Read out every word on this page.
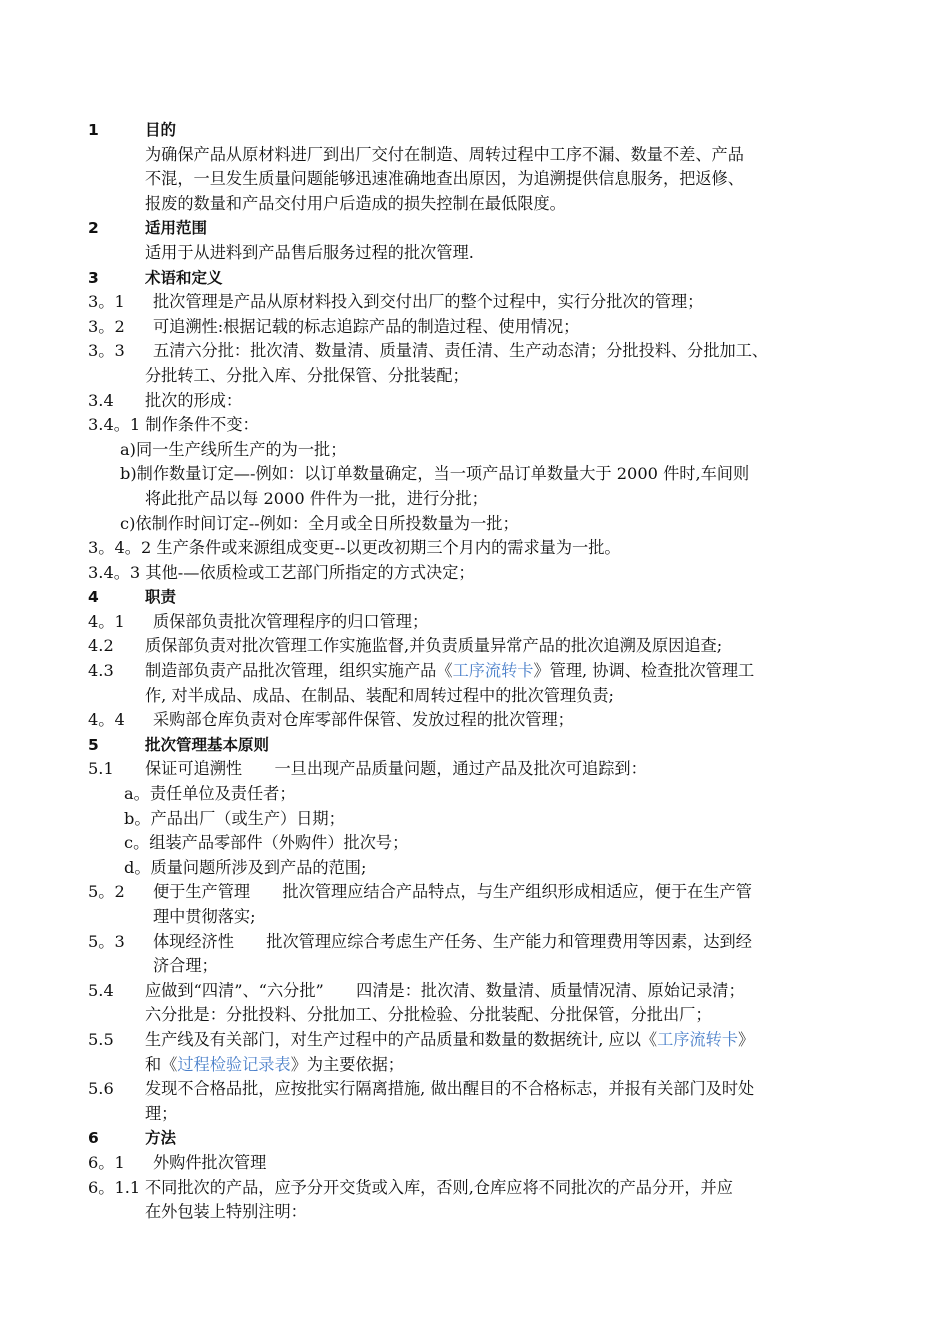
1	目的
为确保产品从原材料进厂到出厂交付在制造、周转过程中工序不漏、数量不差、产品
不混，一旦发生质量问题能够迅速准确地查出原因，为追溯提供信息服务，把返修、
报废的数量和产品交付用户后造成的损失控制在最低限度。
2	适用范围
适用于从进料到产品售后服务过程的批次管理.
3	术语和定义
3。1 批次管理是产品从原材料投入到交付出厂的整个过程中，实行分批次的管理；
3。2 可追溯性:根据记载的标志追踪产品的制造过程、使用情况；
3。3 五清六分批：批次清、数量清、质量清、责任清、生产动态清；分批投料、分批加工、
分批转工、分批入库、分批保管、分批装配；
3.4 批次的形成：
3.4。1 制作条件不变：
a)同一生产线所生产的为一批；
b)制作数量订定—-例如：以订单数量确定，当一项产品订单数量大于 2000 件时,车间则
将此批产品以每 2000 件件为一批，进行分批；
c)依制作时间订定--例如：全月或全日所投数量为一批；
3。4。2 生产条件或来源组成变更--以更改初期三个月内的需求量为一批。
3.4。3 其他-—依质检或工艺部门所指定的方式决定；
4	职责
4。1 质保部负责批次管理程序的归口管理；
4.2 质保部负责对批次管理工作实施监督,并负责质量异常产品的批次追溯及原因追查;
4.3 制造部负责产品批次管理，组织实施产品《工序流转卡》管理, 协调、检查批次管理工
作, 对半成品、成品、在制品、装配和周转过程中的批次管理负责;
4。4 采购部仓库负责对仓库零部件保管、发放过程的批次管理；
5	批次管理基本原则
5.1 保证可追溯性　　一旦出现产品质量问题，通过产品及批次可追踪到：
a。责任单位及责任者；
b。产品出厂（或生产）日期；
c。组装产品零部件（外购件）批次号；
d。质量问题所涉及到产品的范围;
5。2 便于生产管理　　批次管理应结合产品特点，与生产组织形成相适应，便于在生产管
理中贯彻落实;
5。3 体现经济性　　批次管理应综合考虑生产任务、生产能力和管理费用等因素，达到经
济合理；
5.4 应做到“四清”、“六分批”　　四清是：批次清、数量清、质量情况清、原始记录清；
六分批是：分批投料、分批加工、分批检验、分批装配、分批保管，分批出厂；
5.5 生产线及有关部门，对生产过程中的产品质量和数量的数据统计, 应以《工序流转卡》
和《过程检验记录表》为主要依据；
5.6 发现不合格品批，应按批实行隔离措施, 做出醒目的不合格标志，并报有关部门及时处
理；
6	方法
6。1 外购件批次管理
6。1.1 不同批次的产品，应予分开交货或入库，否则,仓库应将不同批次的产品分开，并应
在外包装上特别注明：
